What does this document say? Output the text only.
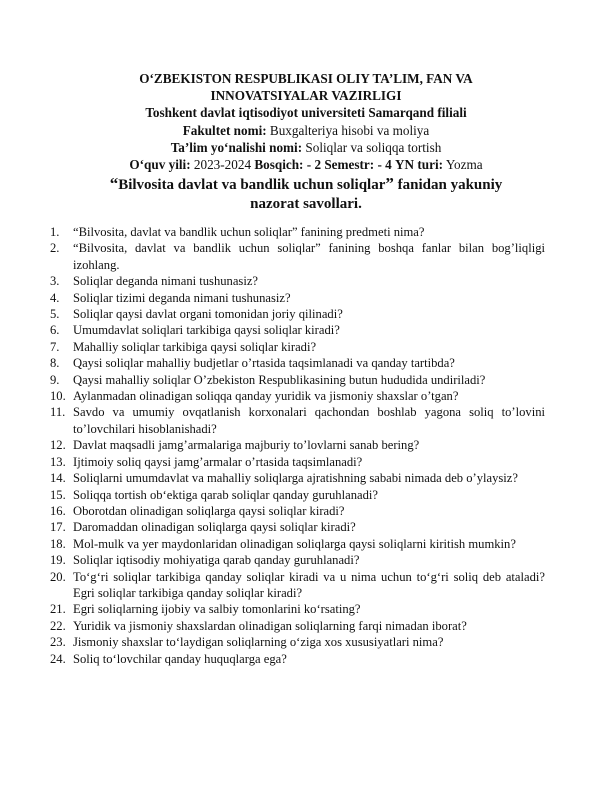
O‘ZBEKISTON RESPUBLIKASI OLIY TA’LIM, FAN VA
INNOVATSIYALAR VAZIRLIGI
Toshkent davlat iqtisodiyot universiteti Samarqand filiali
Fakultet nomi: Buxgalteriya hisobi va moliya
Ta’lim yo‘nalishi nomi: Soliqlar va soliqqa tortish
O‘quv yili: 2023-2024 Bosqich: - 2 Semestr: - 4 YN turi: Yozma
“Bilvosita davlat va bandlik uchun soliqlar” fanidan yakuniy
nazorat savollari.
1. “Bilvosita, davlat va bandlik uchun soliqlar” fanining predmeti nima?
2. “Bilvosita, davlat va bandlik uchun soliqlar” fanining boshqa fanlar bilan bog’liqligi izohlang.
3. Soliqlar deganda nimani tushunasiz?
4. Soliqlar tizimi deganda nimani tushunasiz?
5. Soliqlar qaysi davlat organi tomonidan joriy qilinadi?
6. Umumdavlat soliqlari tarkibiga qaysi soliqlar kiradi?
7. Mahalliy soliqlar tarkibiga qaysi soliqlar kiradi?
8. Qaysi soliqlar mahalliy budjetlar o’rtasida taqsimlanadi va qanday tartibda?
9. Qaysi mahalliy soliqlar O’zbekiston Respublikasining butun hududida undiriladi?
10. Aylanmadan olinadigan soliqqa qanday yuridik va jismoniy shaxslar o’tgan?
11. Savdo va umumiy ovqatlanish korxonalari qachondan boshlab yagona soliq to’lovini to’lovchilari hisoblanishadi?
12. Davlat maqsadli jamg’armalariga majburiy to’lovlarni sanab bering?
13. Ijtimoiy soliq qaysi jamg’armalar o’rtasida taqsimlanadi?
14. Soliqlarni umumdavlat va mahalliy soliqlarga ajratishning sababi nimada deb o’ylaysiz?
15. Soliqqa tortish ob‘ektiga qarab soliqlar qanday guruhlanadi?
16. Oborotdan olinadigan soliqlarga qaysi soliqlar kiradi?
17. Daromaddan olinadigan soliqlarga qaysi soliqlar kiradi?
18. Mol-mulk va yer maydonlaridan olinadigan soliqlarga qaysi soliqlarni kiritish mumkin?
19. Soliqlar iqtisodiy mohiyatiga qarab qanday guruhlanadi?
20. To‘g‘ri soliqlar tarkibiga qanday soliqlar kiradi va u nima uchun to‘g‘ri soliq deb ataladi? Egri soliqlar tarkibiga qanday soliqlar kiradi?
21. Egri soliqlarning ijobiy va salbiy tomonlarini ko‘rsating?
22. Yuridik va jismoniy shaxslardan olinadigan soliqlarning farqi nimadan iborat?
23. Jismoniy shaxslar to‘laydigan soliqlarning o‘ziga xos xususiyatlari nima?
24. Soliq to‘lovchilar qanday huquqlarga ega?
